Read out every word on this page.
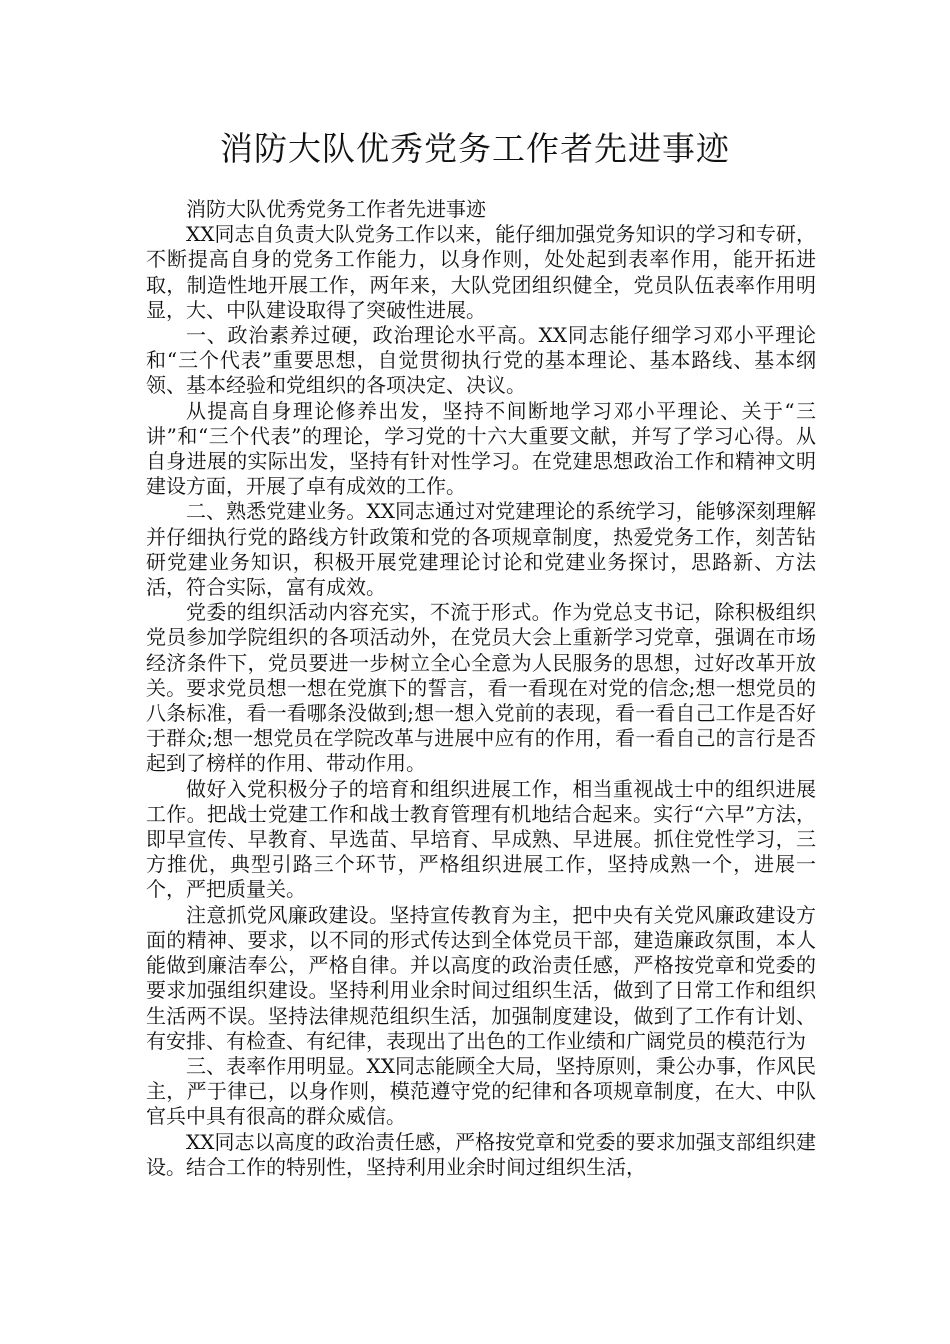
消防大队优秀党务工作者先进事迹

消防大队优秀党务工作者先进事迹

XX同志自负责大队党务工作以来，能仔细加强党务知识的学习和专研，不断提高自身的党务工作能力，以身作则，处处起到表率作用，能开拓进取，制造性地开展工作，两年来，大队党团组织健全，党员队伍表率作用明显，大、中队建设取得了突破性进展。

一、政治素养过硬，政治理论水平高。XX同志能仔细学习邓小平理论和“三个代表”重要思想，自觉贯彻执行党的基本理论、基本路线、基本纲领、基本经验和党组织的各项决定、决议。

从提高自身理论修养出发，坚持不间断地学习邓小平理论、关于“三讲”和“三个代表”的理论，学习党的十六大重要文献，并写了学习心得。从自身进展的实际出发，坚持有针对性学习。在党建思想政治工作和精神文明建设方面，开展了卓有成效的工作。

二、熟悉党建业务。XX同志通过对党建理论的系统学习，能够深刻理解并仔细执行党的路线方针政策和党的各项规章制度，热爱党务工作，刻苦钻研党建业务知识，积极开展党建理论讨论和党建业务探讨，思路新、方法活，符合实际，富有成效。

党委的组织活动内容充实，不流于形式。作为党总支书记，除积极组织党员参加学院组织的各项活动外，在党员大会上重新学习党章，强调在市场经济条件下，党员要进一步树立全心全意为人民服务的思想，过好改革开放关。要求党员想一想在党旗下的誓言，看一看现在对党的信念;想一想党员的八条标准，看一看哪条没做到;想一想入党前的表现，看一看自己工作是否好于群众;想一想党员在学院改革与进展中应有的作用，看一看自己的言行是否起到了榜样的作用、带动作用。

做好入党积极分子的培育和组织进展工作，相当重视战士中的组织进展工作。把战士党建工作和战士教育管理有机地结合起来。实行“六早”方法，即早宣传、早教育、早选苗、早培育、早成熟、早进展。抓住党性学习，三方推优，典型引路三个环节，严格组织进展工作，坚持成熟一个，进展一个，严把质量关。

注意抓党风廉政建设。坚持宣传教育为主，把中央有关党风廉政建设方面的精神、要求，以不同的形式传达到全体党员干部，建造廉政氛围，本人能做到廉洁奉公，严格自律。并以高度的政治责任感，严格按党章和党委的要求加强组织建设。坚持利用业余时间过组织生活，做到了日常工作和组织生活两不误。坚持法律规范组织生活，加强制度建设，做到了工作有计划、有安排、有检查、有纪律，表现出了出色的工作业绩和广阔党员的模范行为

三、表率作用明显。XX同志能顾全大局，坚持原则，秉公办事，作风民主，严于律已，以身作则，模范遵守党的纪律和各项规章制度，在大、中队官兵中具有很高的群众威信。

XX同志以高度的政治责任感，严格按党章和党委的要求加强支部组织建设。结合工作的特别性，坚持利用业余时间过组织生活，
